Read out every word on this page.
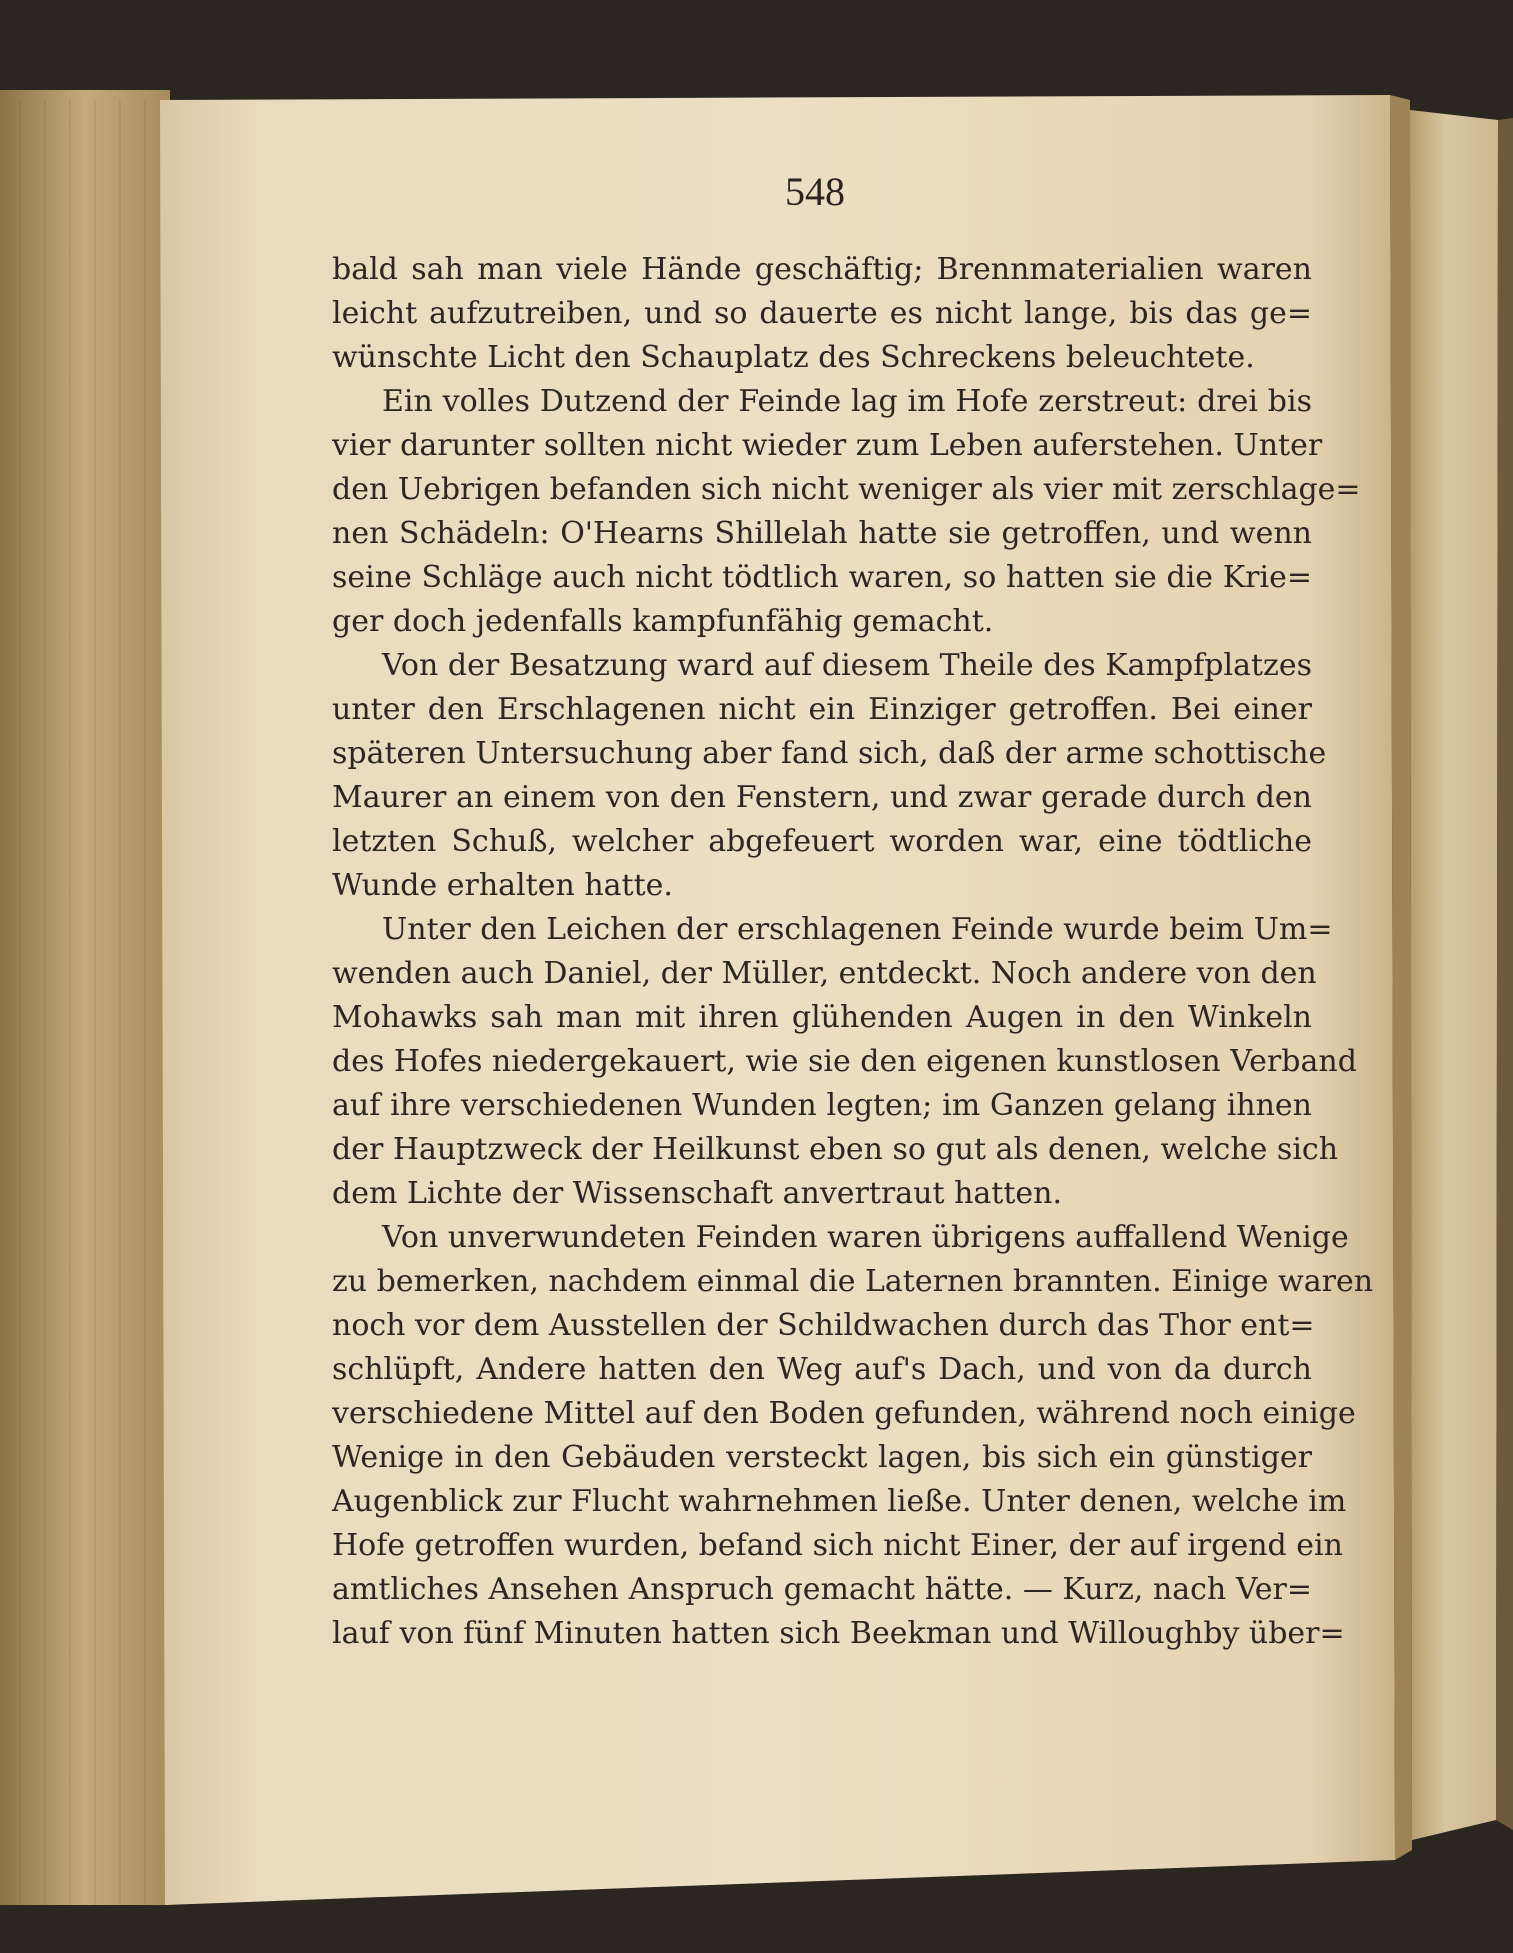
548
bald sah man viele Hände geschäftig; Brennmaterialien waren
leicht aufzutreiben, und so dauerte es nicht lange, bis das ge=
wünschte Licht den Schauplatz des Schreckens beleuchtete.
Ein volles Dutzend der Feinde lag im Hofe zerstreut: drei bis
vier darunter sollten nicht wieder zum Leben auferstehen. Unter
den Uebrigen befanden sich nicht weniger als vier mit zerschlage=
nen Schädeln: O'Hearns Shillelah hatte sie getroffen, und wenn
seine Schläge auch nicht tödtlich waren, so hatten sie die Krie=
ger doch jedenfalls kampfunfähig gemacht.
Von der Besatzung ward auf diesem Theile des Kampfplatzes
unter den Erschlagenen nicht ein Einziger getroffen. Bei einer
späteren Untersuchung aber fand sich, daß der arme schottische
Maurer an einem von den Fenstern, und zwar gerade durch den
letzten Schuß, welcher abgefeuert worden war, eine tödtliche
Wunde erhalten hatte.
Unter den Leichen der erschlagenen Feinde wurde beim Um=
wenden auch Daniel, der Müller, entdeckt. Noch andere von den
Mohawks sah man mit ihren glühenden Augen in den Winkeln
des Hofes niedergekauert, wie sie den eigenen kunstlosen Verband
auf ihre verschiedenen Wunden legten; im Ganzen gelang ihnen
der Hauptzweck der Heilkunst eben so gut als denen, welche sich
dem Lichte der Wissenschaft anvertraut hatten.
Von unverwundeten Feinden waren übrigens auffallend Wenige
zu bemerken, nachdem einmal die Laternen brannten. Einige waren
noch vor dem Ausstellen der Schildwachen durch das Thor ent=
schlüpft, Andere hatten den Weg auf's Dach, und von da durch
verschiedene Mittel auf den Boden gefunden, während noch einige
Wenige in den Gebäuden versteckt lagen, bis sich ein günstiger
Augenblick zur Flucht wahrnehmen ließe. Unter denen, welche im
Hofe getroffen wurden, befand sich nicht Einer, der auf irgend ein
amtliches Ansehen Anspruch gemacht hätte. — Kurz, nach Ver=
lauf von fünf Minuten hatten sich Beekman und Willoughby über=
